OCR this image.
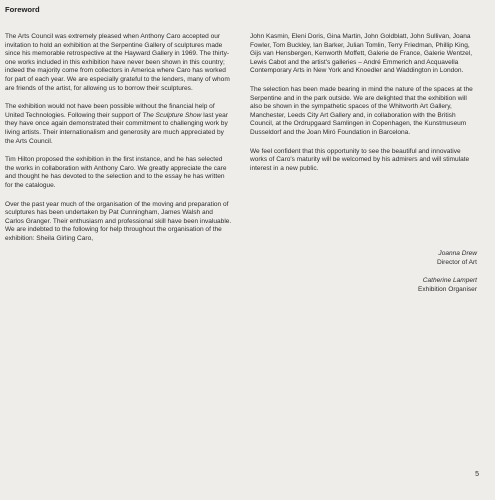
Foreword

The Arts Council was extremely pleased when Anthony Caro accepted our invitation to hold an exhibition at the Serpentine Gallery of sculptures made since his memorable retrospective at the Hayward Gallery in 1969. The thirty-one works included in this exhibition have never been shown in this country; indeed the majority come from collectors in America where Caro has worked for part of each year. We are especially grateful to the lenders, many of whom are friends of the artist, for allowing us to borrow their sculptures.

The exhibition would not have been possible without the financial help of United Technologies. Following their support of The Sculpture Show last year they have once again demonstrated their commitment to challenging work by living artists. Their internationalism and generosity are much appreciated by the Arts Council.

Tim Hilton proposed the exhibition in the first instance, and he has selected the works in collaboration with Anthony Caro. We greatly appreciate the care and thought he has devoted to the selection and to the essay he has written for the catalogue.

Over the past year much of the organisation of the moving and preparation of sculptures has been undertaken by Pat Cunningham, James Walsh and Carlos Granger. Their enthusiasm and professional skill have been invaluable. We are indebted to the following for help throughout the organisation of the exhibition: Sheila Girling Caro,

John Kasmin, Eleni Doris, Gina Martin, John Goldblatt, John Sullivan, Joana Fowler, Tom Buckley, Ian Barker, Julian Tomlin, Terry Friedman, Phillip King, Gijs van Hensbergen, Kenworth Moffett, Galerie de France, Galerie Wentzel, Lewis Cabot and the artist's galleries – André Emmerich and Acquavella Contemporary Arts in New York and Knoedler and Waddington in London.

The selection has been made bearing in mind the nature of the spaces at the Serpentine and in the park outside. We are delighted that the exhibition will also be shown in the sympathetic spaces of the Whitworth Art Gallery, Manchester, Leeds City Art Gallery and, in collaboration with the British Council, at the Ordrupgaard Samlingen in Copenhagen, the Kunstmuseum Dusseldorf and the Joan Miró Foundation in Barcelona.

We feel confident that this opportunity to see the beautiful and innovative works of Caro's maturity will be welcomed by his admirers and will stimulate interest in a new public.

Joanna Drew
Director of Art
Catherine Lampert
Exhibition Organiser
5
